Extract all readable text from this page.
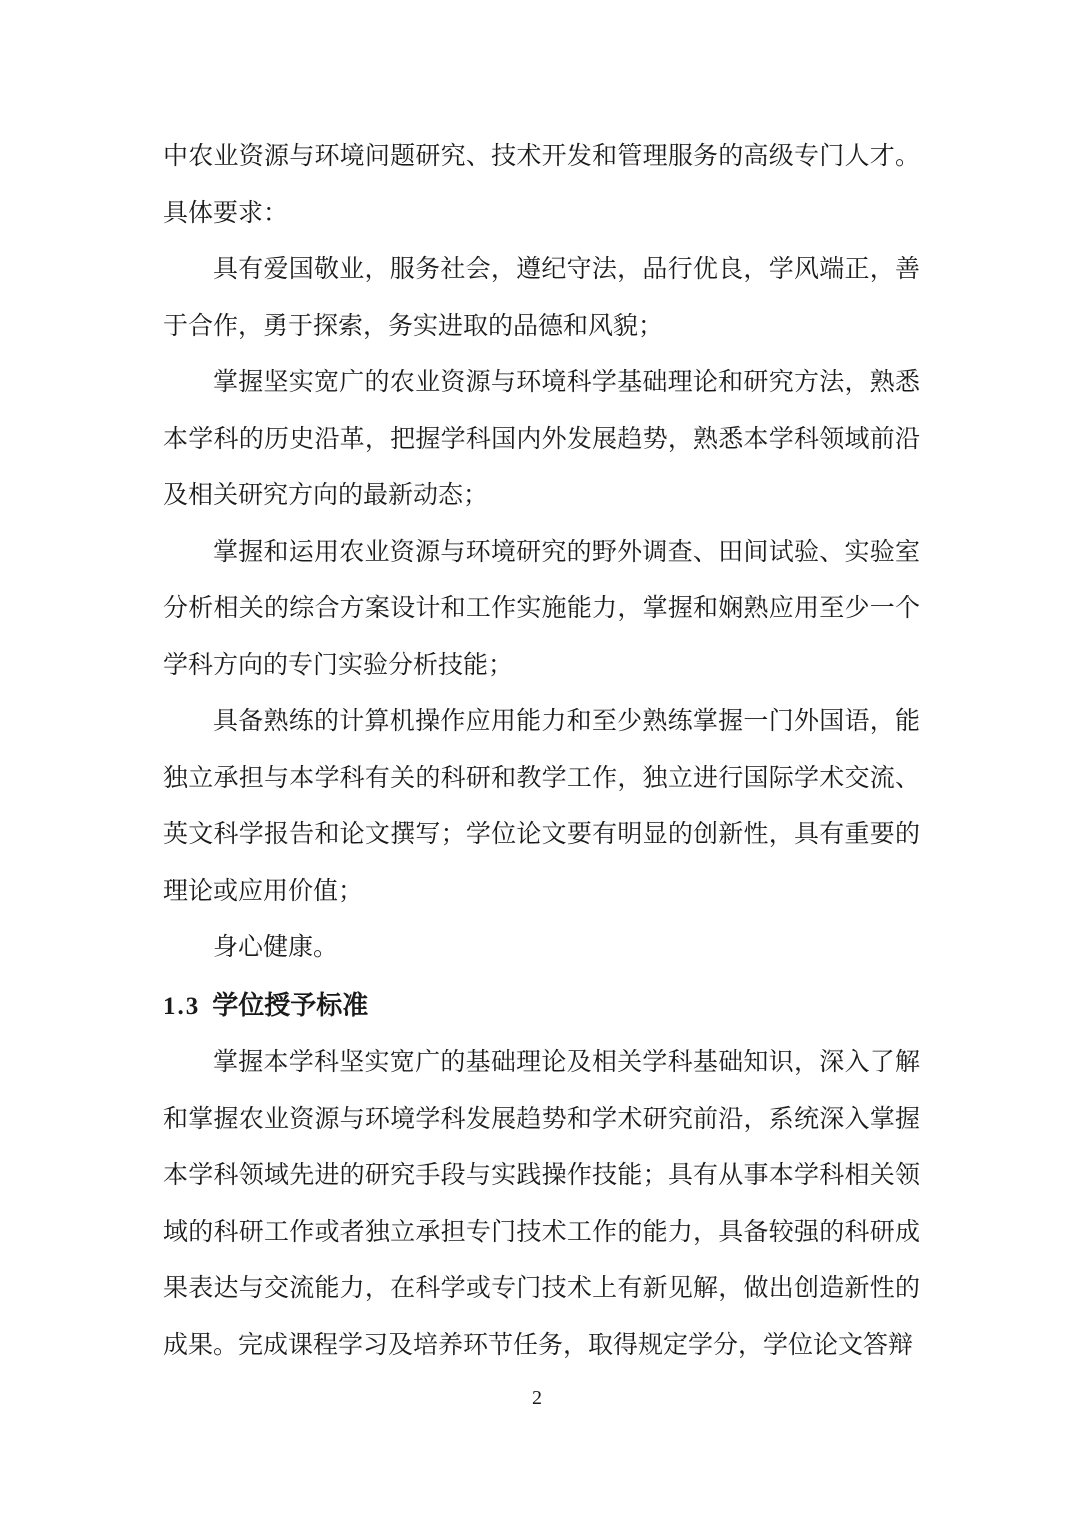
中农业资源与环境问题研究、技术开发和管理服务的高级专门人才。具体要求：

具有爱国敬业，服务社会，遵纪守法，品行优良，学风端正，善于合作，勇于探索，务实进取的品德和风貌；

掌握坚实宽广的农业资源与环境科学基础理论和研究方法，熟悉本学科的历史沿革，把握学科国内外发展趋势，熟悉本学科领域前沿及相关研究方向的最新动态；

掌握和运用农业资源与环境研究的野外调查、田间试验、实验室分析相关的综合方案设计和工作实施能力，掌握和娴熟应用至少一个学科方向的专门实验分析技能；

具备熟练的计算机操作应用能力和至少熟练掌握一门外国语，能独立承担与本学科有关的科研和教学工作，独立进行国际学术交流、英文科学报告和论文撰写；学位论文要有明显的创新性，具有重要的理论或应用价值；

身心健康。

1.3 学位授予标准

掌握本学科坚实宽广的基础理论及相关学科基础知识，深入了解和掌握农业资源与环境学科发展趋势和学术研究前沿，系统深入掌握本学科领域先进的研究手段与实践操作技能；具有从事本学科相关领域的科研工作或者独立承担专门技术工作的能力，具备较强的科研成果表达与交流能力，在科学或专门技术上有新见解，做出创造新性的成果。完成课程学习及培养环节任务，取得规定学分，学位论文答辩

2
